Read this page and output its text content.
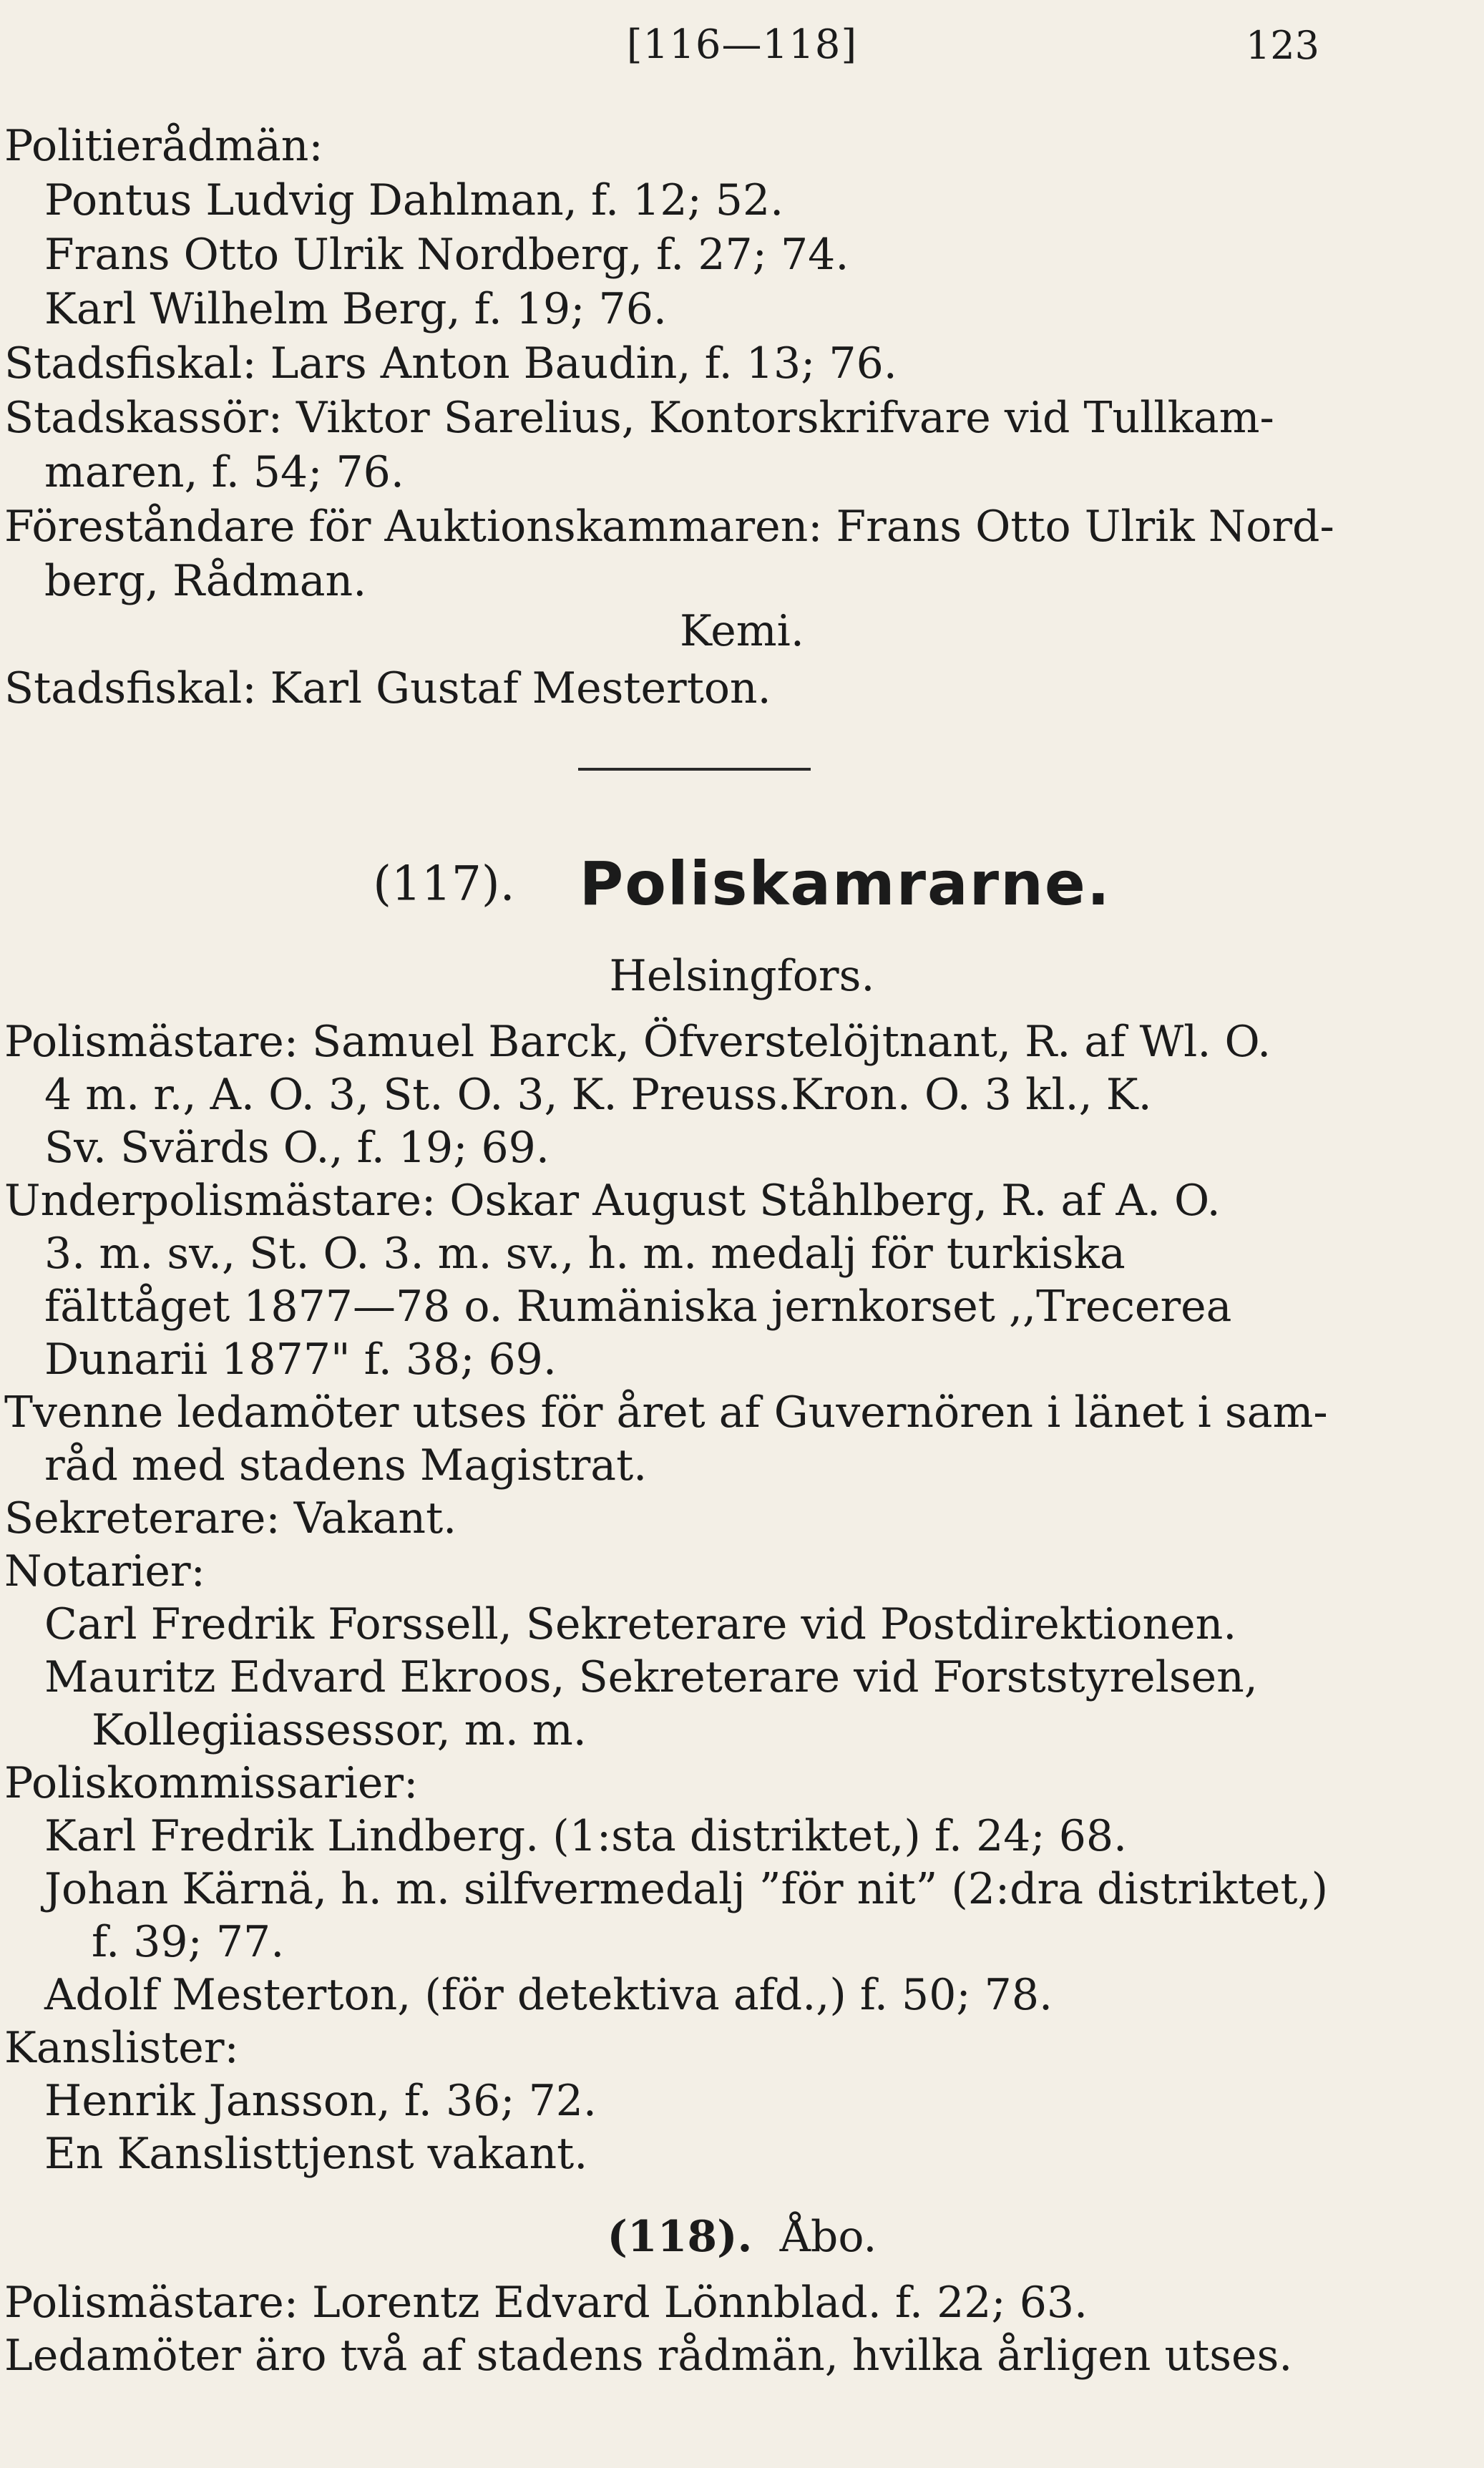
[116—118]	123
Politierådmän:
Pontus Ludvig Dahlman, f. 12; 52.
Frans Otto Ulrik Nordberg, f. 27; 74.
Karl Wilhelm Berg, f. 19; 76.
Stadsfiskal: Lars Anton Baudin, f. 13; 76.
Stadskassör: Viktor Sarelius, Kontorskrifvare vid Tullkam-
maren, f. 54; 76.
Föreståndare för Auktionskammaren: Frans Otto Ulrik Nord-
berg, Rådman.
Kemi.
Stadsfiskal: Karl Gustaf Mesterton.
(117). Poliskamrarne.
Helsingfors.
Polismästare: Samuel Barck, Öfverstelöjtnant, R. af Wl. O.
4 m. r., A. O. 3, St. O. 3, K. Preuss.Kron. O. 3 kl., K.
Sv. Svärds O., f. 19; 69.
Underpolismästare: Oskar August Ståhlberg, R. af A. O.
3. m. sv., St. O. 3. m. sv., h. m. medalj för turkiska
fälttåget 1877—78 o. Rumäniska jernkorset ,,Trecerea
Dunarii 1877" f. 38; 69.
Tvenne ledamöter utses för året af Guvernören i länet i sam-
råd med stadens Magistrat.
Sekreterare: Vakant.
Notarier:
Carl Fredrik Forssell, Sekreterare vid Postdirektionen.
Mauritz Edvard Ekroos, Sekreterare vid Forststyrelsen,
Kollegiiassessor, m. m.
Poliskommissarier:
Karl Fredrik Lindberg. (1:sta distriktet,) f. 24; 68.
Johan Kärnä, h. m. silfvermedalj ”för nit” (2:dra distriktet,)
f. 39; 77.
Adolf Mesterton, (för detektiva afd.,) f. 50; 78.
Kanslister:
Henrik Jansson, f. 36; 72.
En Kanslisttjenst vakant.
(118). Åbo.
Polismästare: Lorentz Edvard Lönnblad. f. 22; 63.
Ledamöter äro två af stadens rådmän, hvilka årligen utses.
